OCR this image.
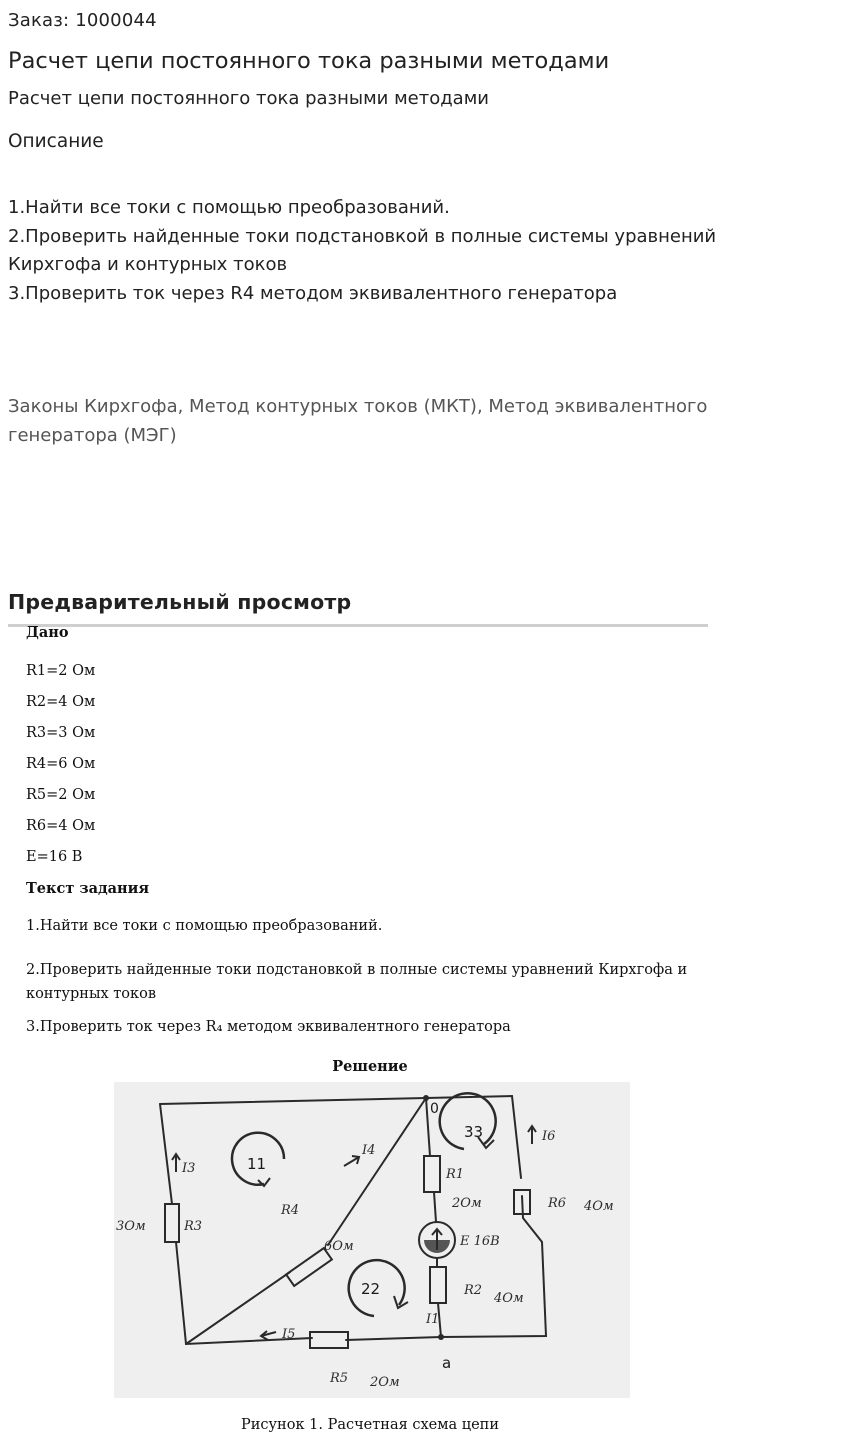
Заказ: 1000044
Расчет цепи постоянного тока разными методами
Расчет цепи постоянного тока разными методами
Описание
1.Найти все токи с помощью преобразований.
2.Проверить найденные токи подстановкой в полные системы уравнений Кирхгофа и контурных токов
3.Проверить ток через R4 методом эквивалентного генератора
Законы Кирхгофа, Метод контурных токов (МКТ), Метод эквивалентного генератора (МЭГ)
Предварительный просмотр
Дано
R1=2 Ом
R2=4 Ом
R3=3 Ом
R4=6 Ом
R5=2 Ом
R6=4 Ом
E=16 В
Текст задания
1.Найти все токи с помощью преобразований.
2.Проверить найденные токи подстановкой в полные системы уравнений Кирхгофа и контурных токов
3.Проверить ток через R₄ методом эквивалентного генератора
Решение
11
22
33
0
a
R3
3Ом
I3
R4
6Ом
I4
R1
2Ом
I1
E 16В
R2
4Ом
R6 4Ом
I6
I5
R5 2Ом
Рисунок 1. Расчетная схема цепи
